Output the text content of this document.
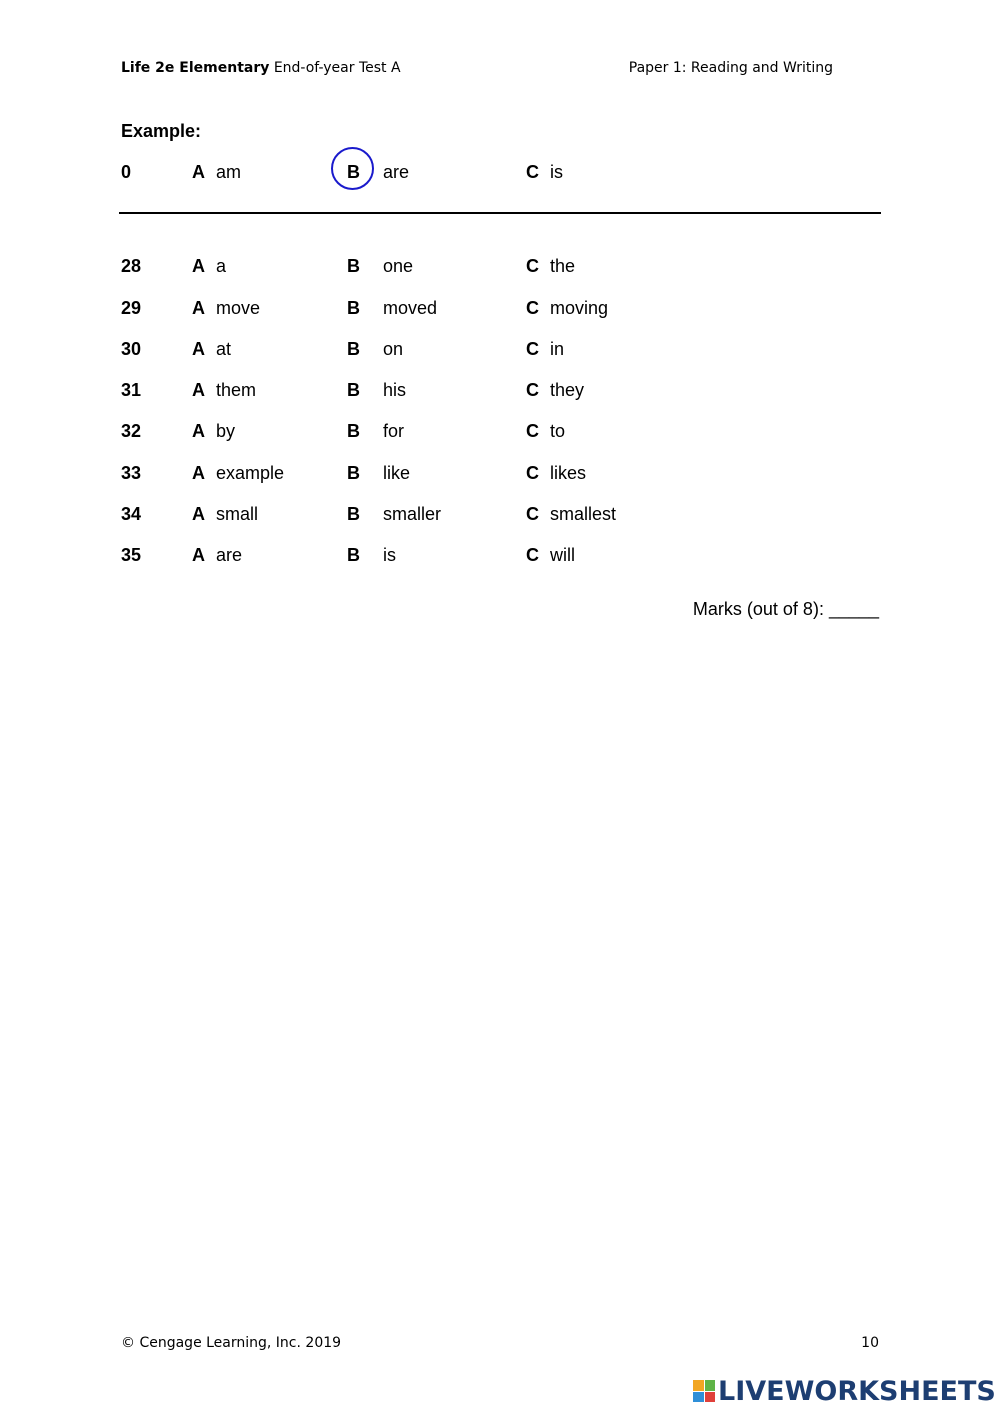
Life 2e Elementary End-of-year Test A	Paper 1: Reading and Writing
Example:
0	A am	B are	C is
28	A a	B one	C the
29	A move	B moved	C moving
30	A at	B on	C in
31	A them	B his	C they
32	A by	B for	C to
33	A example	B like	C likes
34	A small	B smaller	C smallest
35	A are	B is	C will
Marks (out of 8): _____
© Cengage Learning, Inc. 2019	10
LIVEWORKSHEETS
